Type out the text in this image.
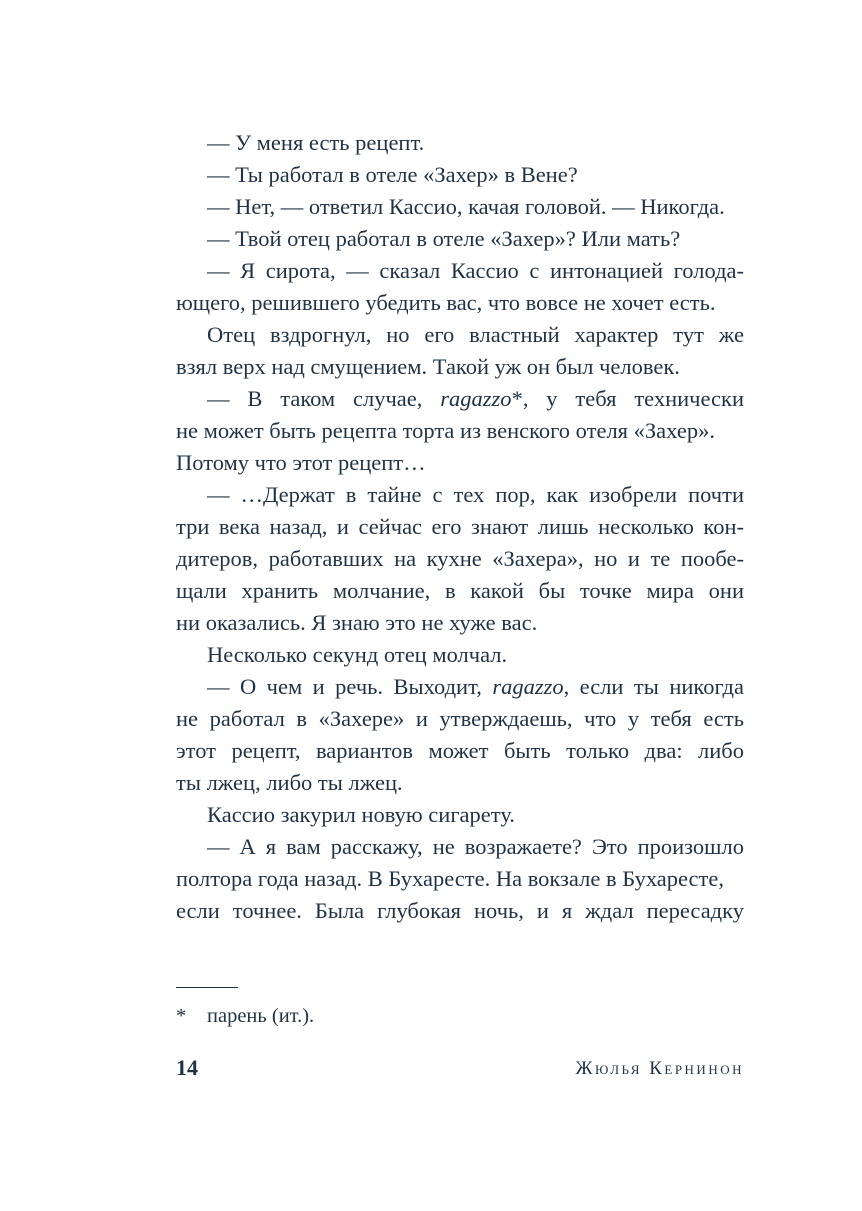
— У меня есть рецепт.
— Ты работал в отеле «Захер» в Вене?
— Нет, — ответил Кассио, качая головой. — Никогда.
— Твой отец работал в отеле «Захер»? Или мать?
— Я сирота, — сказал Кассио с интонацией голода-
ющего, решившего убедить вас, что вовсе не хочет есть.
Отец вздрогнул, но его властный характер тут же
взял верх над смущением. Такой уж он был человек.
— В таком случае, ragazzo*, у тебя технически
не может быть рецепта торта из венского отеля «Захер».
Потому что этот рецепт…
— …Держат в тайне с тех пор, как изобрели почти
три века назад, и сейчас его знают лишь несколько кон-
дитеров, работавших на кухне «Захера», но и те пообе-
щали хранить молчание, в какой бы точке мира они
ни оказались. Я знаю это не хуже вас.
Несколько секунд отец молчал.
— О чем и речь. Выходит, ragazzo, если ты никогда
не работал в «Захере» и утверждаешь, что у тебя есть
этот рецепт, вариантов может быть только два: либо
ты лжец, либо ты лжец.
Кассио закурил новую сигарету.
— А я вам расскажу, не возражаете? Это произошло
полтора года назад. В Бухаресте. На вокзале в Бухаресте,
если точнее. Была глубокая ночь, и я ждал пересадку
* парень (ит.).
14	Жюлья Кернинон
